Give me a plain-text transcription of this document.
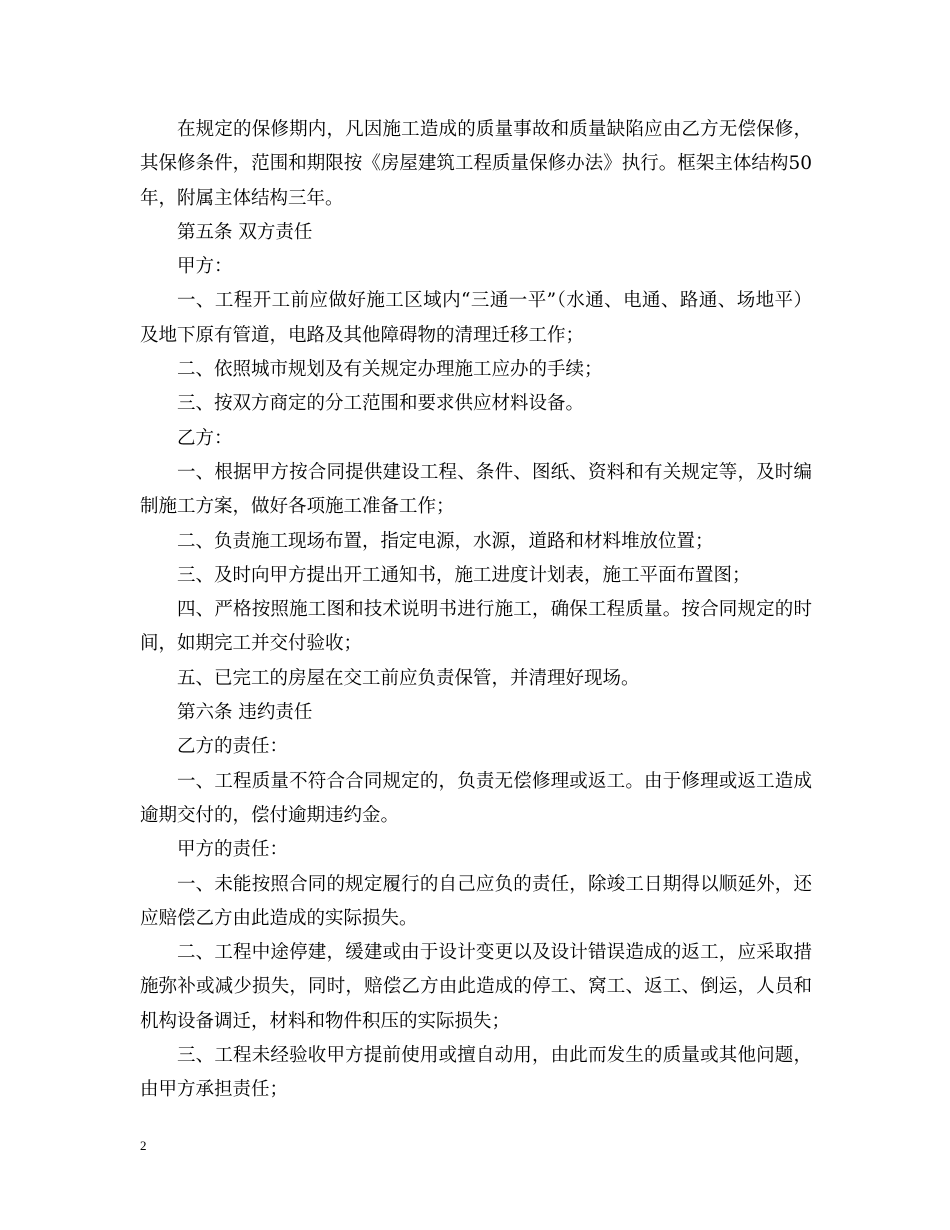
在规定的保修期内，凡因施工造成的质量事故和质量缺陷应由乙方无偿保修，其保修条件，范围和期限按《房屋建筑工程质量保修办法》执行。框架主体结构50年，附属主体结构三年。

第五条 双方责任

甲方：

一、工程开工前应做好施工区域内“三通一平”（水通、电通、路通、场地平）及地下原有管道，电路及其他障碍物的清理迁移工作；

二、依照城市规划及有关规定办理施工应办的手续；

三、按双方商定的分工范围和要求供应材料设备。

乙方：

一、根据甲方按合同提供建设工程、条件、图纸、资料和有关规定等，及时编制施工方案，做好各项施工准备工作；

二、负责施工现场布置，指定电源，水源，道路和材料堆放位置；

三、及时向甲方提出开工通知书，施工进度计划表，施工平面布置图；

四、严格按照施工图和技术说明书进行施工，确保工程质量。按合同规定的时间，如期完工并交付验收；

五、已完工的房屋在交工前应负责保管，并清理好现场。

第六条 违约责任

乙方的责任：

一、工程质量不符合合同规定的，负责无偿修理或返工。由于修理或返工造成逾期交付的，偿付逾期违约金。

甲方的责任：

一、未能按照合同的规定履行的自己应负的责任，除竣工日期得以顺延外，还应赔偿乙方由此造成的实际损失。

二、工程中途停建，缓建或由于设计变更以及设计错误造成的返工，应采取措施弥补或减少损失，同时，赔偿乙方由此造成的停工、窝工、返工、倒运，人员和机构设备调迁，材料和物件积压的实际损失；

三、工程未经验收甲方提前使用或擅自动用，由此而发生的质量或其他问题，由甲方承担责任；

2
